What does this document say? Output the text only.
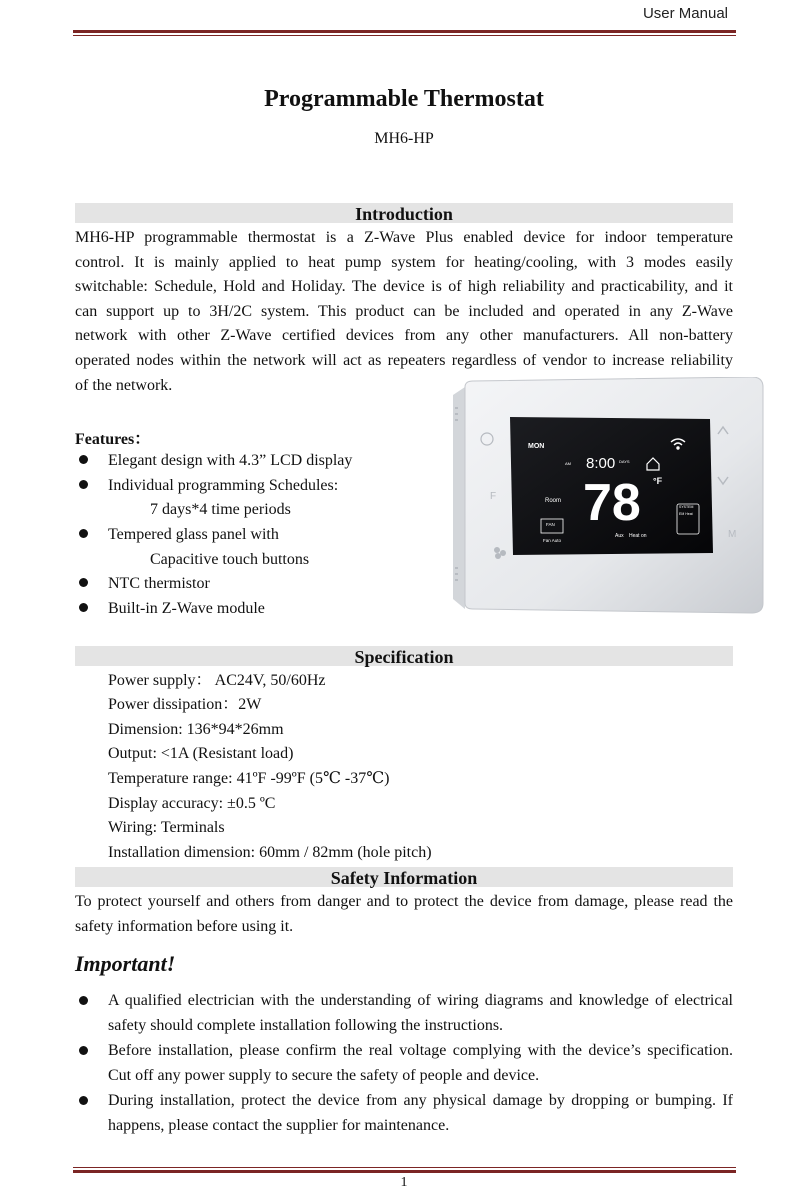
User Manual
Programmable Thermostat
MH6-HP
Introduction
MH6-HP programmable thermostat is a Z-Wave Plus enabled device for indoor temperature
control. It is mainly applied to heat pump system for heating/cooling, with 3 modes easily
switchable: Schedule, Hold and Holiday. The device is of high reliability and practicability, and it
can support up to 3H/2C system. This product can be included and operated in any Z-Wave
network with other Z-Wave certified devices from any other manufacturers. All non-battery
operated nodes within the network will act as repeaters regardless of vendor to increase reliability
of the network.
Features：
Elegant design with 4.3” LCD display
Individual programming Schedules:
7 days*4 time periods
Tempered glass panel with
Capacitive touch buttons
NTC thermistor
Built-in Z-Wave module
MON
AM 8:00 DAYS
Room 78 °F
FAN
Fan Auto
Aux Heat on
SYSTEM
EM Heat
F
M
Specification
Power supply： AC24V, 50/60Hz
Power dissipation：2W
Dimension: 136*94*26mm
Output: <1A (Resistant load)
Temperature range: 41ºF -99ºF (5℃ -37℃)
Display accuracy: ±0.5 ºC
Wiring: Terminals
Installation dimension: 60mm / 82mm (hole pitch)
Safety Information
To protect yourself and others from danger and to protect the device from damage, please read the
safety information before using it.
Important!
A qualified electrician with the understanding of wiring diagrams and knowledge of electrical
safety should complete installation following the instructions.
Before installation, please confirm the real voltage complying with the device’s specification.
Cut off any power supply to secure the safety of people and device.
During installation, protect the device from any physical damage by dropping or bumping. If
happens, please contact the supplier for maintenance.
1
